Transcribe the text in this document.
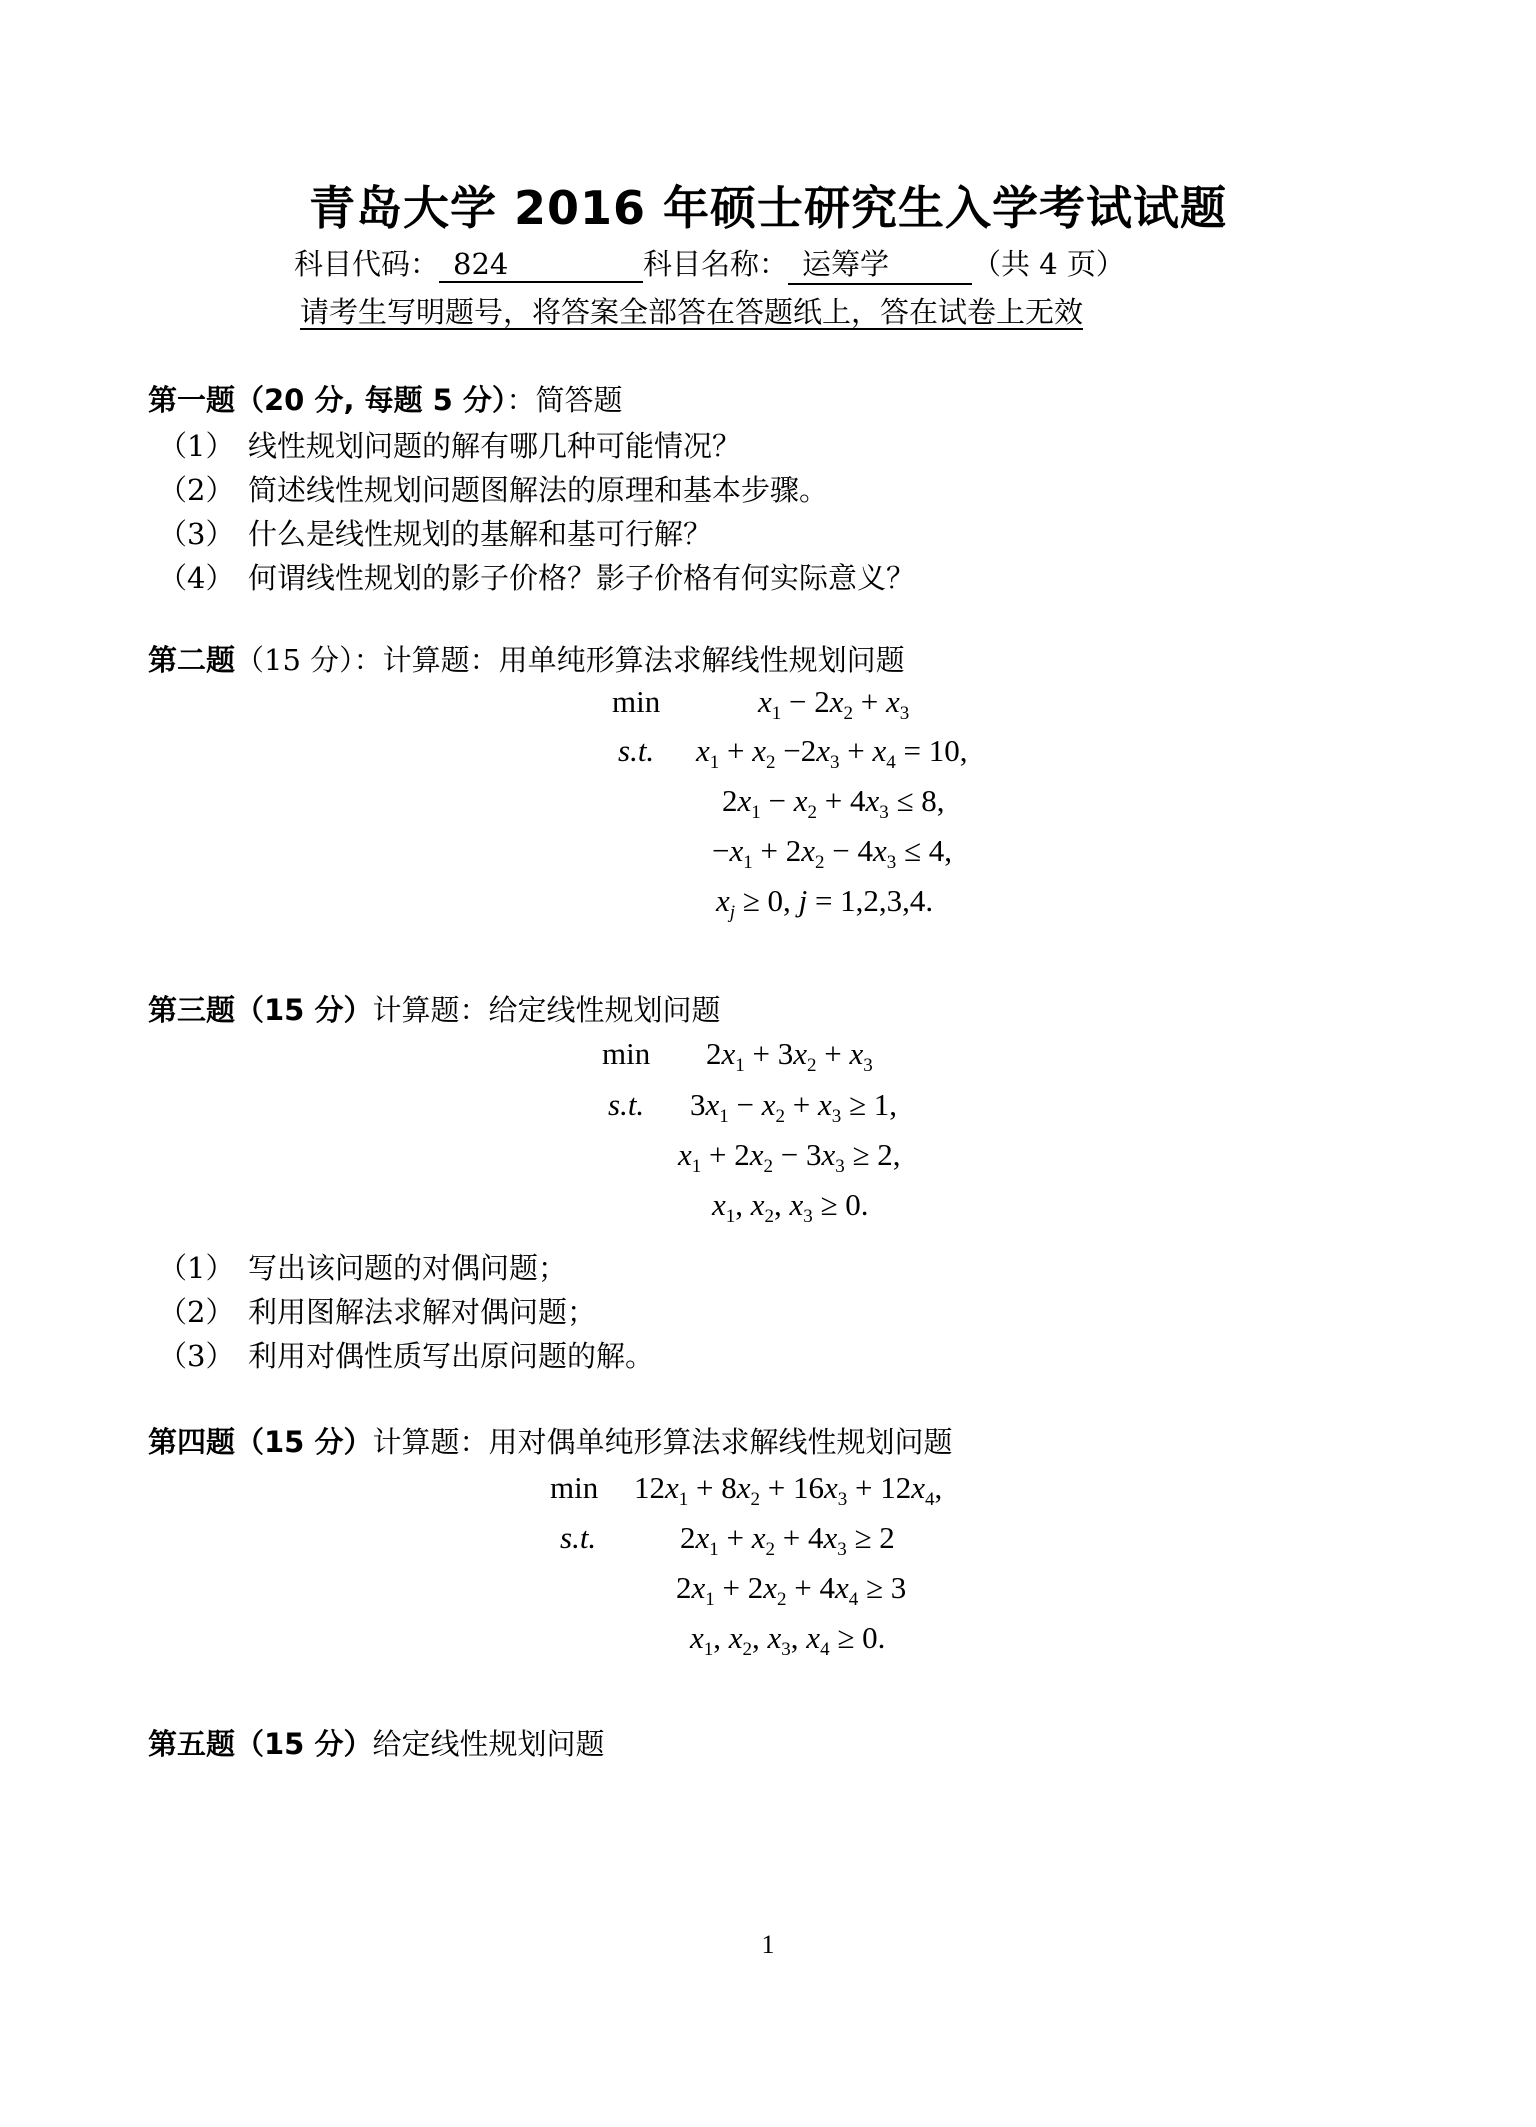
青岛大学 2016 年硕士研究生入学考试试题
科目代码： 824	科目名称： 运筹学	（共 4 页）
请考生写明题号，将答案全部答在答题纸上，答在试卷上无效
第一题（20 分, 每题 5 分）：简答题
（1） 线性规划问题的解有哪几种可能情况？
（2） 简述线性规划问题图解法的原理和基本步骤。
（3） 什么是线性规划的基解和基可行解？
（4） 何谓线性规划的影子价格？影子价格有何实际意义？
第二题（15 分）：计算题：用单纯形算法求解线性规划问题
min	$x_1 - 2x_2 + x_3$
s.t. $x_1 + x_2 -2x_3 + x_4 = 10$,
$2x_1 - x_2 + 4x_3 \le 8$,
$-x_1 + 2x_2 - 4x_3 \le 4$,
$x_j \ge 0$, j = 1,2,3,4.
第三题（15 分）计算题：给定线性规划问题
$\min 2x_1 + 3x_2 + x_3$
s.t. $3x_1 - x_2 + x_3 \ge 1$,
$x_1 + 2x_2 - 3x_3 \ge 2$,
$x_1$, $x_2$, $x_3 \ge 0$.
（1） 写出该问题的对偶问题；
（2） 利用图解法求解对偶问题；
（3） 利用对偶性质写出原问题的解。
第四题（15 分）计算题：用对偶单纯形算法求解线性规划问题
$\min 12x_1 + 8x_2 + 16x_3 + 12x_4$,
s.t.	$2x_1 + x_2 + 4x_3 \ge 2$
$2x_1 + 2x_2 + 4x_4 \ge 3$
$x_1$, $x_2$, $x_3$, $x_4 \ge 0$.
第五题（15 分）给定线性规划问题
1
